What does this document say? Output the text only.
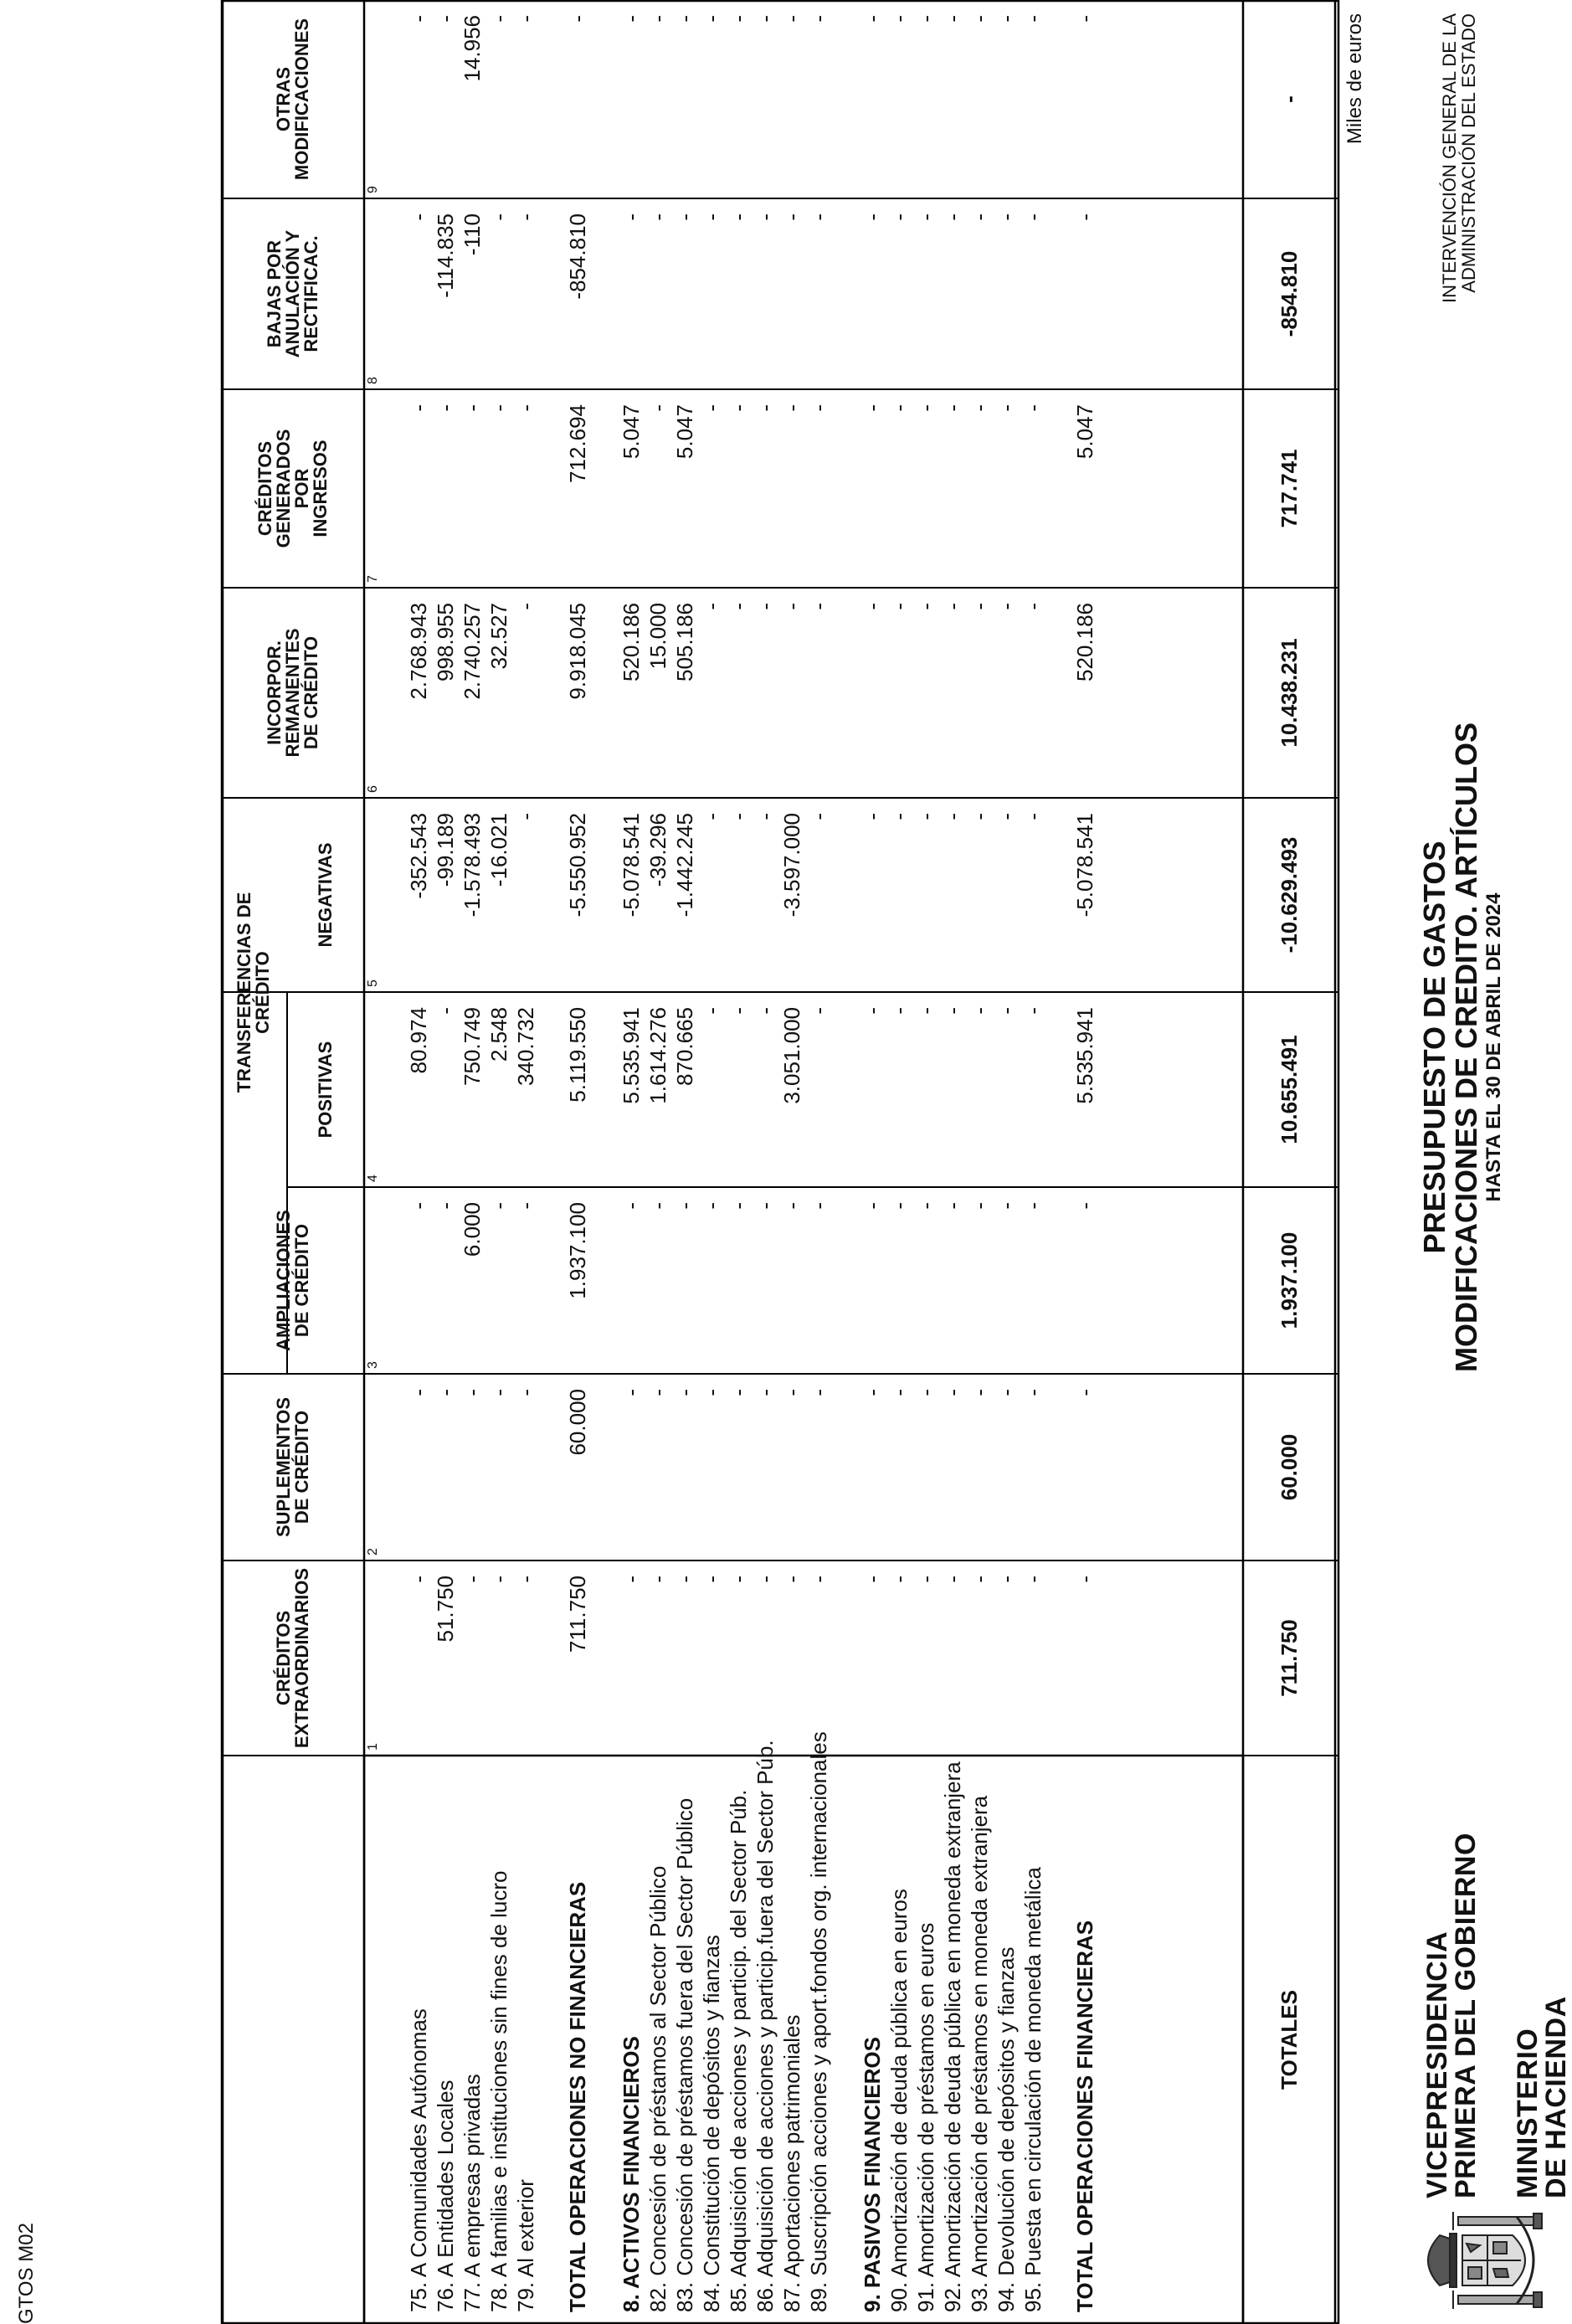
VICEPRESIDENCIA
PRIMERA DEL GOBIERNO MINISTERIO
DE HACIENDA
PRESUPUESTO DE GASTOS
MODIFICACIONES DE CREDITO. ARTÍCULOS HASTA EL 30 DE ABRIL DE 2024
INTERVENCIÓN GENERAL DE LA
ADMINISTRACIÓN DEL ESTADO
Miles de euros
GTOS M02
CRÉDITOS
EXTRAORDINARIOS	1
SUPLEMENTOS
DE CRÉDITO
2
AMPLIACIONES
DE CRÉDITO
3
POSITIVAS
4
NEGATIVAS
5
INCORPOR.
REMANENTES
DE CRÉDITO
6
CRÉDITOS
GENERADOS
POR
INGRESOS
7
BAJAS POR
ANULACIÓN Y
RECTIFICAC.
8
OTRAS
MODIFICACIONES
9
TRANSFERENCIAS DE
CRÉDITO
75. A Comunidades Autónomas
-
-
-
80.974
-352.543
2.768.943
-
-
-
76. A Entidades Locales
51.750
-
-
-
-99.189
998.955
-
-114.835
-
77. A empresas privadas
-
-
6.000
750.749
-1.578.493
2.740.257
-
-110
14.956
78. A familias e instituciones sin fines de lucro
-
-
-
2.548
-16.021
32.527
-
-
-
79. Al exterior
-
-
-
340.732
-
-
-
-
-
TOTAL OPERACIONES NO FINANCIERAS
711.750
60.000
1.937.100
5.119.550
-5.550.952
9.918.045
712.694
-854.810
-
8. ACTIVOS FINANCIEROS
-
-
-
5.535.941
-5.078.541
520.186
5.047
-
-
82. Concesión de préstamos al Sector Público
-
-
-
1.614.276
-39.296
15.000
-
-
-
83. Concesión de préstamos fuera del Sector Público
-
-
-
870.665
-1.442.245
505.186
5.047
-
-
84. Constitución de depósitos y fianzas
-
-
-
-
-
-
-
-
-
85. Adquisición de acciones y particip. del Sector Púb.
-
-
-
-
-
-
-
-
-
86. Adquisición de acciones y particip.fuera del Sector Púb.
-
-
-
-
-
-
-
-
-
87. Aportaciones patrimoniales
-
-
-
3.051.000
-3.597.000
-
-
-
-
89. Suscripción acciones y aport.fondos org. internacionales
-
-
-
-
-
-
-
-
-
9. PASIVOS FINANCIEROS
-
-
-
-
-
-
-
-
-
90. Amortización de deuda pública en euros
-
-
-
-
-
-
-
-
-
91. Amortización de préstamos en euros
-
-
-
-
-
-
-
-
-
92. Amortización de deuda pública en moneda extranjera
-
-
-
-
-
-
-
-
-
93. Amortización de préstamos en moneda extranjera
-
-
-
-
-
-
-
-
-
94. Devolución de depósitos y fianzas
-
-
-
-
-
-
-
-
-
95. Puesta en circulación de moneda metálica
-
-
-
-
-
-
-
-
-
TOTAL OPERACIONES FINANCIERAS
-
-
-
5.535.941
-5.078.541
520.186
5.047
-
-
TOTALES
711.750
60.000
1.937.100
10.655.491
-10.629.493
10.438.231
717.741
-854.810
-
